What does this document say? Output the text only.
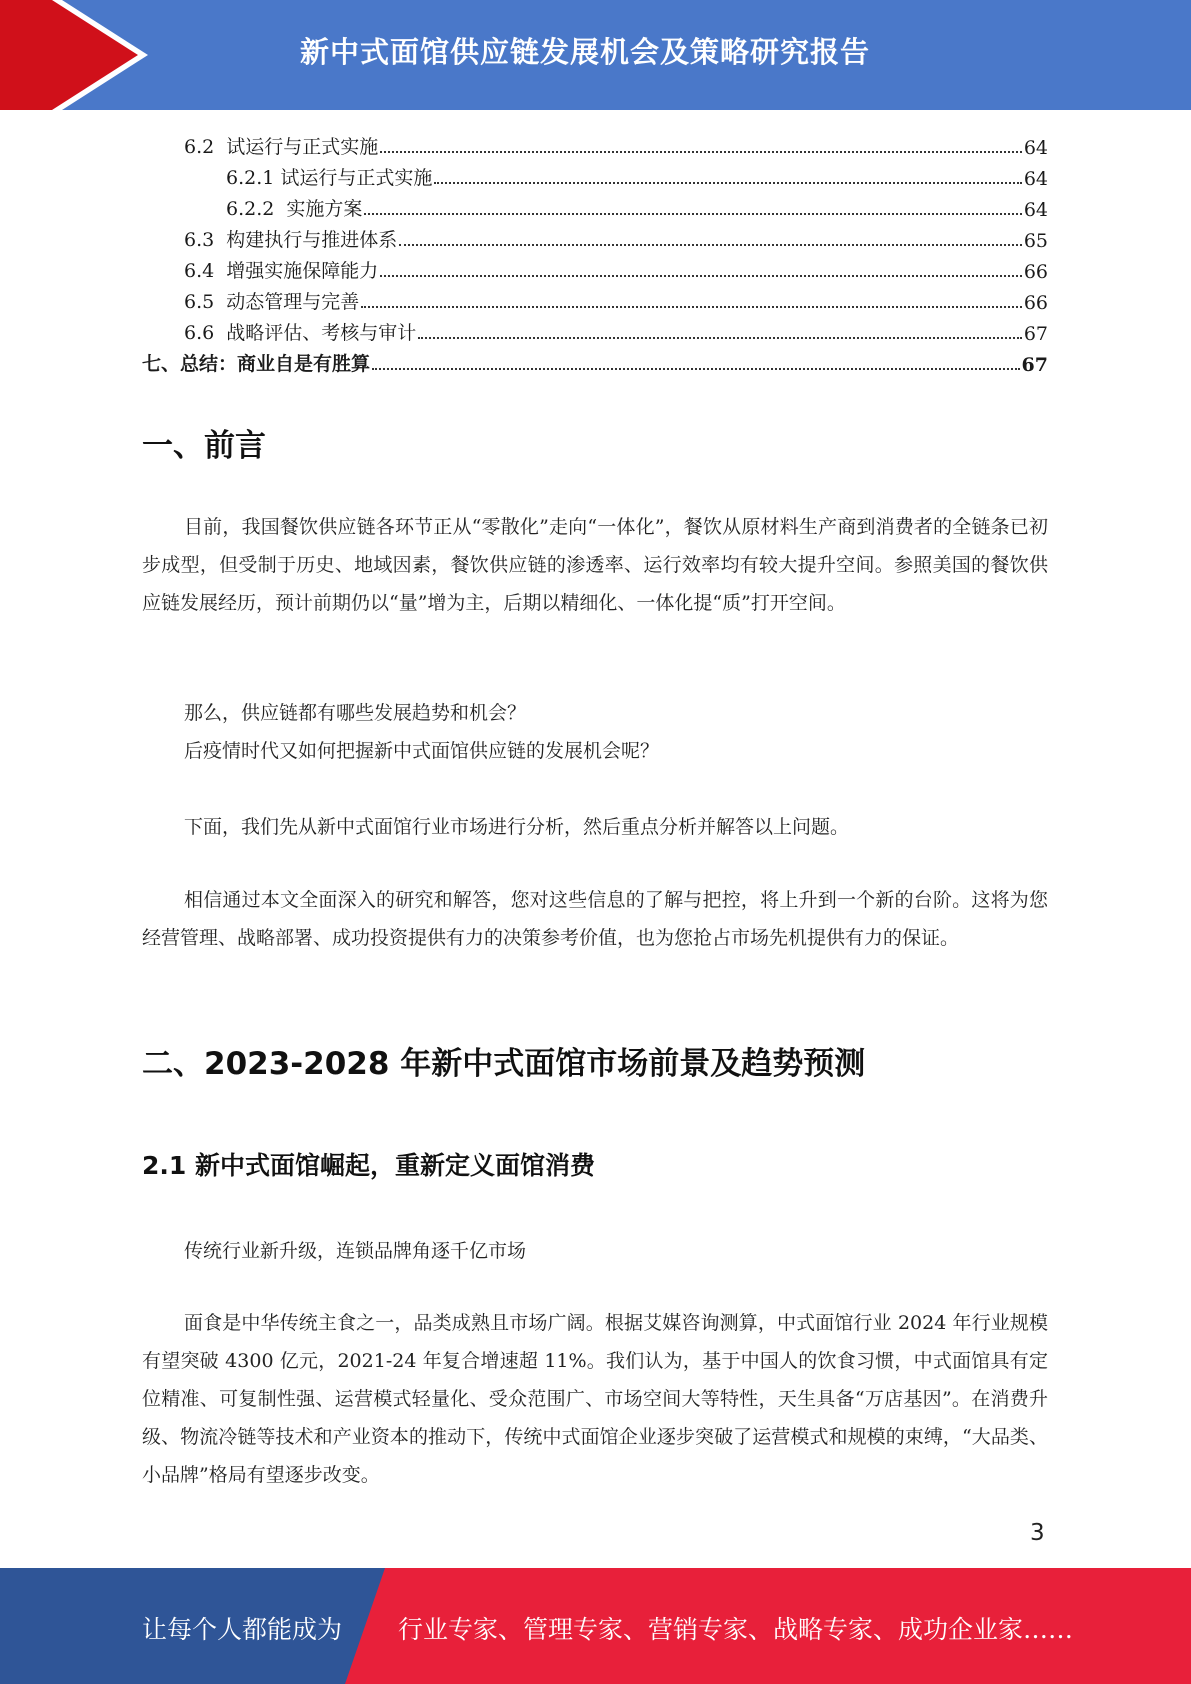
新中式面馆供应链发展机会及策略研究报告
6.2  试运行与正式实施	64
6.2.1 试运行与正式实施	64
6.2.2  实施方案	64
6.3  构建执行与推进体系	65
6.4  增强实施保障能力	66
6.5  动态管理与完善	66
6.6  战略评估、考核与审计	67
七、总结：商业自是有胜算	67
一、前言
目前，我国餐饮供应链各环节正从“零散化”走向“一体化”，餐饮从原材料生产商到消费者的全链条已初步成型，但受制于历史、地域因素，餐饮供应链的渗透率、运行效率均有较大提升空间。参照美国的餐饮供应链发展经历，预计前期仍以“量”增为主，后期以精细化、一体化提“质”打开空间。
那么，供应链都有哪些发展趋势和机会？
后疫情时代又如何把握新中式面馆供应链的发展机会呢？
下面，我们先从新中式面馆行业市场进行分析，然后重点分析并解答以上问题。
相信通过本文全面深入的研究和解答，您对这些信息的了解与把控，将上升到一个新的台阶。这将为您经营管理、战略部署、成功投资提供有力的决策参考价值，也为您抢占市场先机提供有力的保证。
二、2023-2028 年新中式面馆市场前景及趋势预测
2.1 新中式面馆崛起，重新定义面馆消费
传统行业新升级，连锁品牌角逐千亿市场
面食是中华传统主食之一，品类成熟且市场广阔。根据艾媒咨询测算，中式面馆行业 2024 年行业规模有望突破 4300 亿元，2021-24 年复合增速超 11%。我们认为，基于中国人的饮食习惯，中式面馆具有定位精准、可复制性强、运营模式轻量化、受众范围广、市场空间大等特性，天生具备“万店基因”。在消费升级、物流冷链等技术和产业资本的推动下，传统中式面馆企业逐步突破了运营模式和规模的束缚，“大品类、小品牌”格局有望逐步改变。
3
让每个人都能成为 行业专家、管理专家、营销专家、战略专家、成功企业家……
